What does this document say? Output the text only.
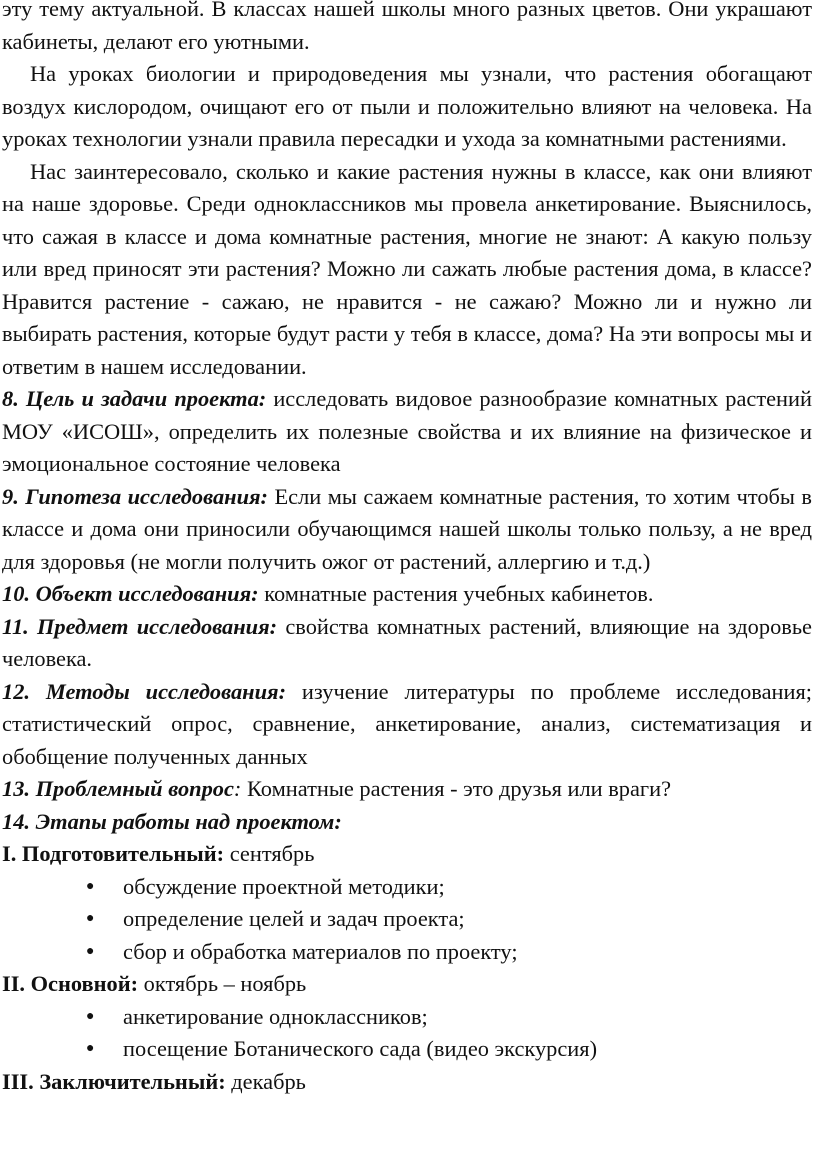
эту тему актуальной. В классах нашей школы много разных цветов. Они украшают кабинеты, делают его уютными.

На уроках биологии и природоведения мы узнали, что растения обогащают воздух кислородом, очищают его от пыли и положительно влияют на человека. На уроках технологии узнали правила пересадки и ухода за комнатными растениями.

Нас заинтересовало, сколько и какие растения нужны в классе, как они влияют на наше здоровье. Среди одноклассников мы провела анкетирование. Выяснилось, что сажая в классе и дома комнатные растения, многие не знают: А какую пользу или вред приносят эти растения? Можно ли сажать любые растения дома, в классе? Нравится растение - сажаю, не нравится - не сажаю? Можно ли и нужно ли выбирать растения, которые будут расти у тебя в классе, дома? На эти вопросы мы и ответим в нашем исследовании.

8. Цель и задачи проекта: исследовать видовое разнообразие комнатных растений МОУ «ИСОШ», определить их полезные свойства и их влияние на физическое и эмоциональное состояние человека

9. Гипотеза исследования: Если мы сажаем комнатные растения, то хотим чтобы в классе и дома они приносили обучающимся нашей школы только пользу, а не вред для здоровья (не могли получить ожог от растений, аллергию и т.д.)

10. Объект исследования: комнатные растения учебных кабинетов.

11. Предмет исследования: свойства комнатных растений, влияющие на здоровье человека.

12. Методы исследования: изучение литературы по проблеме исследования; статистический опрос, сравнение, анкетирование, анализ, систематизация и обобщение полученных данных

13. Проблемный вопрос: Комнатные растения - это друзья или враги?

14. Этапы работы над проектом:

I. Подготовительный: сентябрь

● обсуждение проектной методики;
● определение целей и задач проекта;
● сбор и обработка материалов по проекту;

II. Основной: октябрь – ноябрь

● анкетирование одноклассников;
● посещение Ботанического сада (видео экскурсия)

III. Заключительный: декабрь
